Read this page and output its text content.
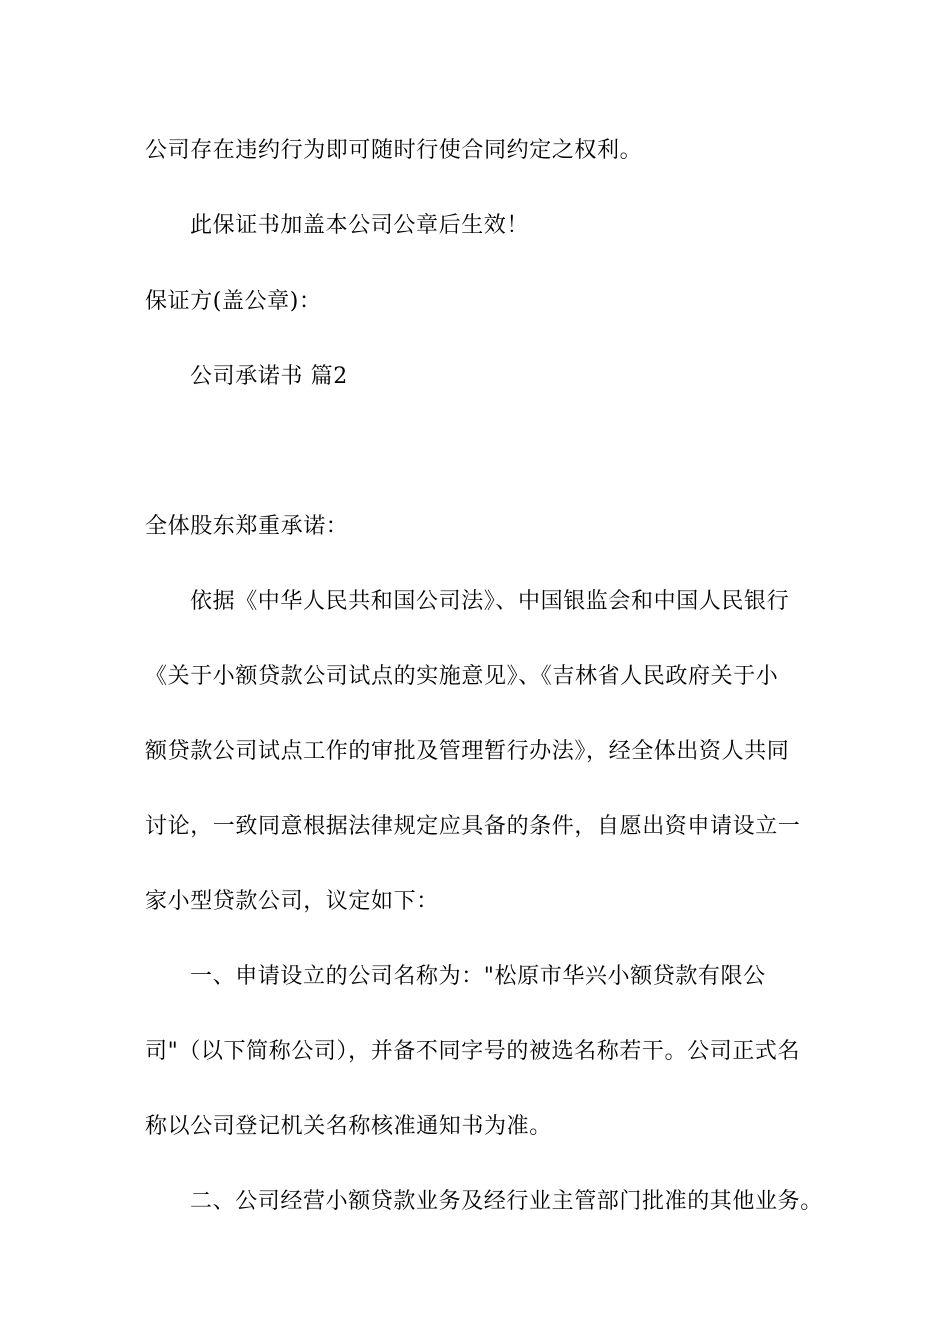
公司存在违约行为即可随时行使合同约定之权利。
此保证书加盖本公司公章后生效！
保证方(盖公章)：
公司承诺书 篇2
全体股东郑重承诺：
依据《中华人民共和国公司法》、中国银监会和中国人民银行
《关于小额贷款公司试点的实施意见》、《吉林省人民政府关于小
额贷款公司试点工作的审批及管理暂行办法》，经全体出资人共同
讨论，一致同意根据法律规定应具备的条件，自愿出资申请设立一
家小型贷款公司，议定如下：
一、申请设立的公司名称为："松原市华兴小额贷款有限公
司"（以下简称公司），并备不同字号的被选名称若干。公司正式名
称以公司登记机关名称核准通知书为准。
二、公司经营小额贷款业务及经行业主管部门批准的其他业务。
